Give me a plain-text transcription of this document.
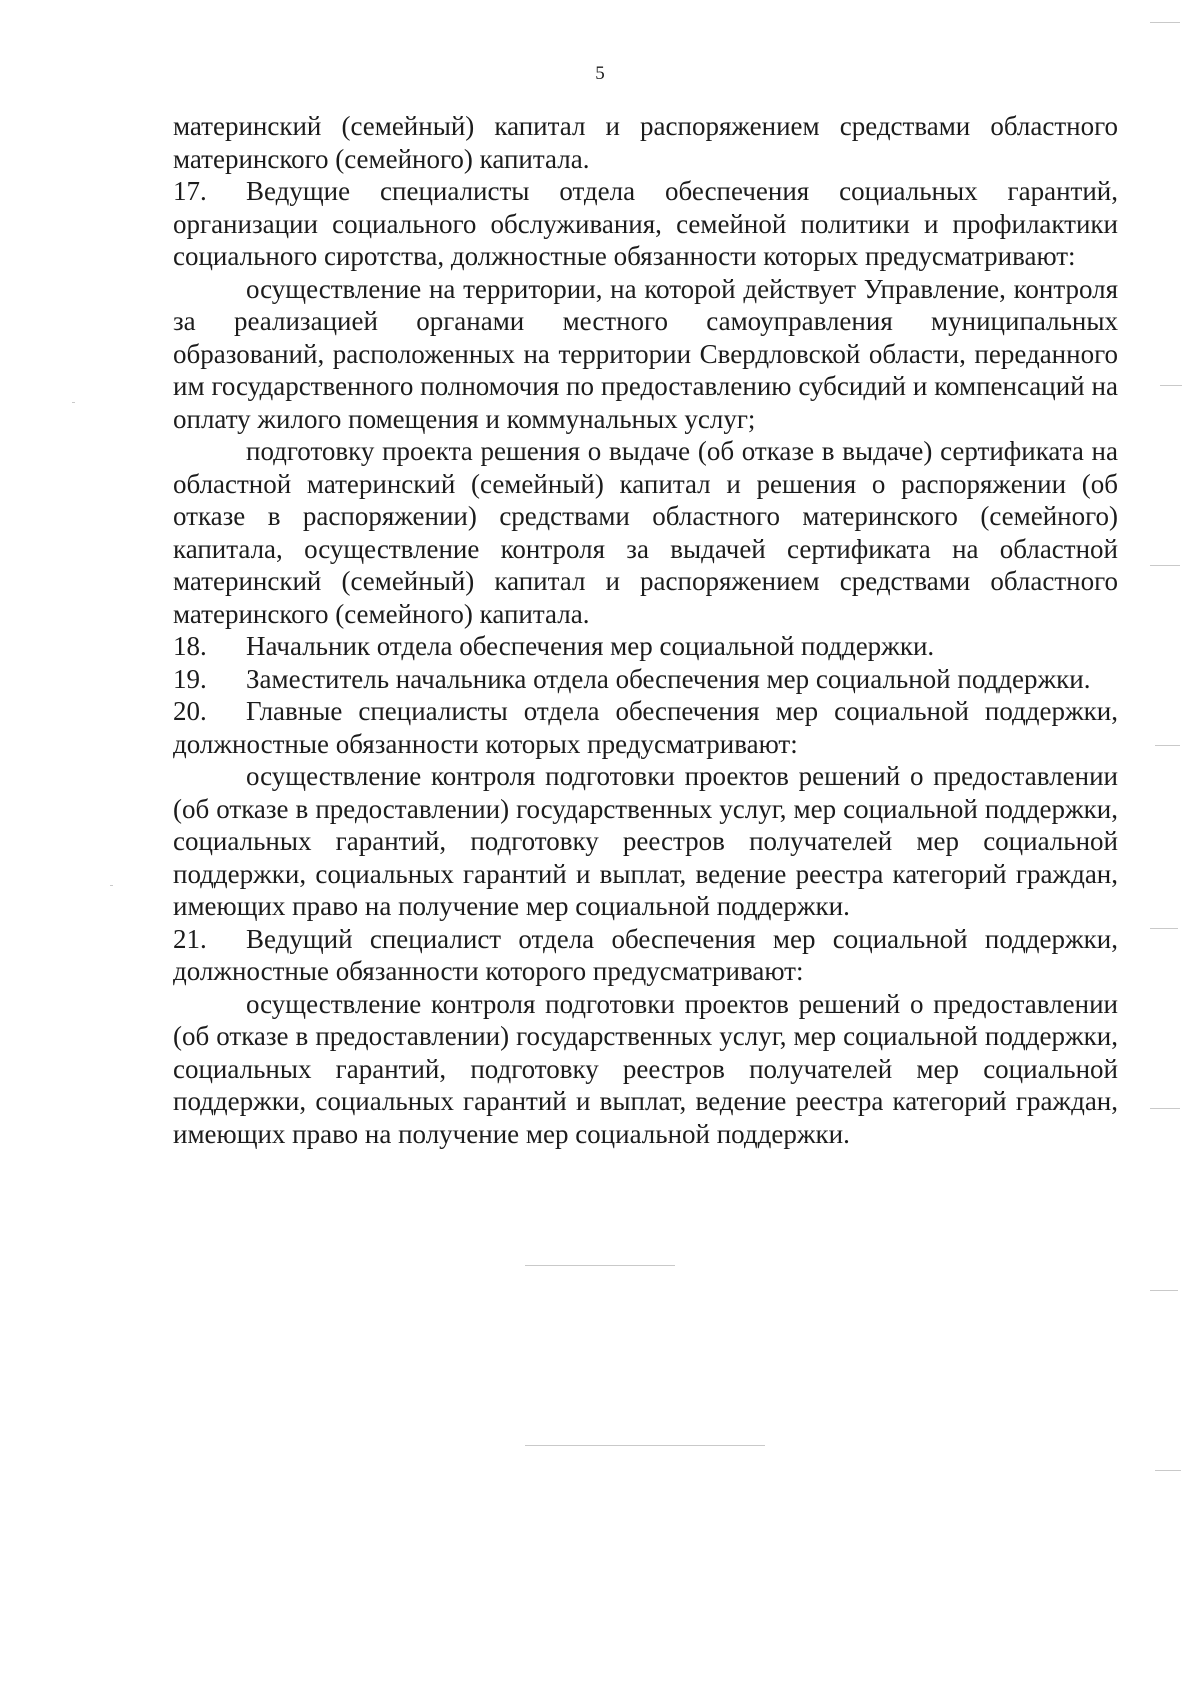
5

материнский (семейный) капитал и распоряжением средствами областного материнского (семейного) капитала.

17. Ведущие специалисты отдела обеспечения социальных гарантий, организации социального обслуживания, семейной политики и профилактики социального сиротства, должностные обязанности которых предусматривают:

осуществление на территории, на которой действует Управление, контроля за реализацией органами местного самоуправления муниципальных образований, расположенных на территории Свердловской области, переданного им государственного полномочия по предоставлению субсидий и компенсаций на оплату жилого помещения и коммунальных услуг;

подготовку проекта решения о выдаче (об отказе в выдаче) сертификата на областной материнский (семейный) капитал и решения о распоряжении (об отказе в распоряжении) средствами областного материнского (семейного) капитала, осуществление контроля за выдачей сертификата на областной материнский (семейный) капитал и распоряжением средствами областного материнского (семейного) капитала.

18. Начальник отдела обеспечения мер социальной поддержки.

19. Заместитель начальника отдела обеспечения мер социальной поддержки.

20. Главные специалисты отдела обеспечения мер социальной поддержки, должностные обязанности которых предусматривают:

осуществление контроля подготовки проектов решений о предоставлении (об отказе в предоставлении) государственных услуг, мер социальной поддержки, социальных гарантий, подготовку реестров получателей мер социальной поддержки, социальных гарантий и выплат, ведение реестра категорий граждан, имеющих право на получение мер социальной поддержки.

21. Ведущий специалист отдела обеспечения мер социальной поддержки, должностные обязанности которого предусматривают:

осуществление контроля подготовки проектов решений о предоставлении (об отказе в предоставлении) государственных услуг, мер социальной поддержки, социальных гарантий, подготовку реестров получателей мер социальной поддержки, социальных гарантий и выплат, ведение реестра категорий граждан, имеющих право на получение мер социальной поддержки.
